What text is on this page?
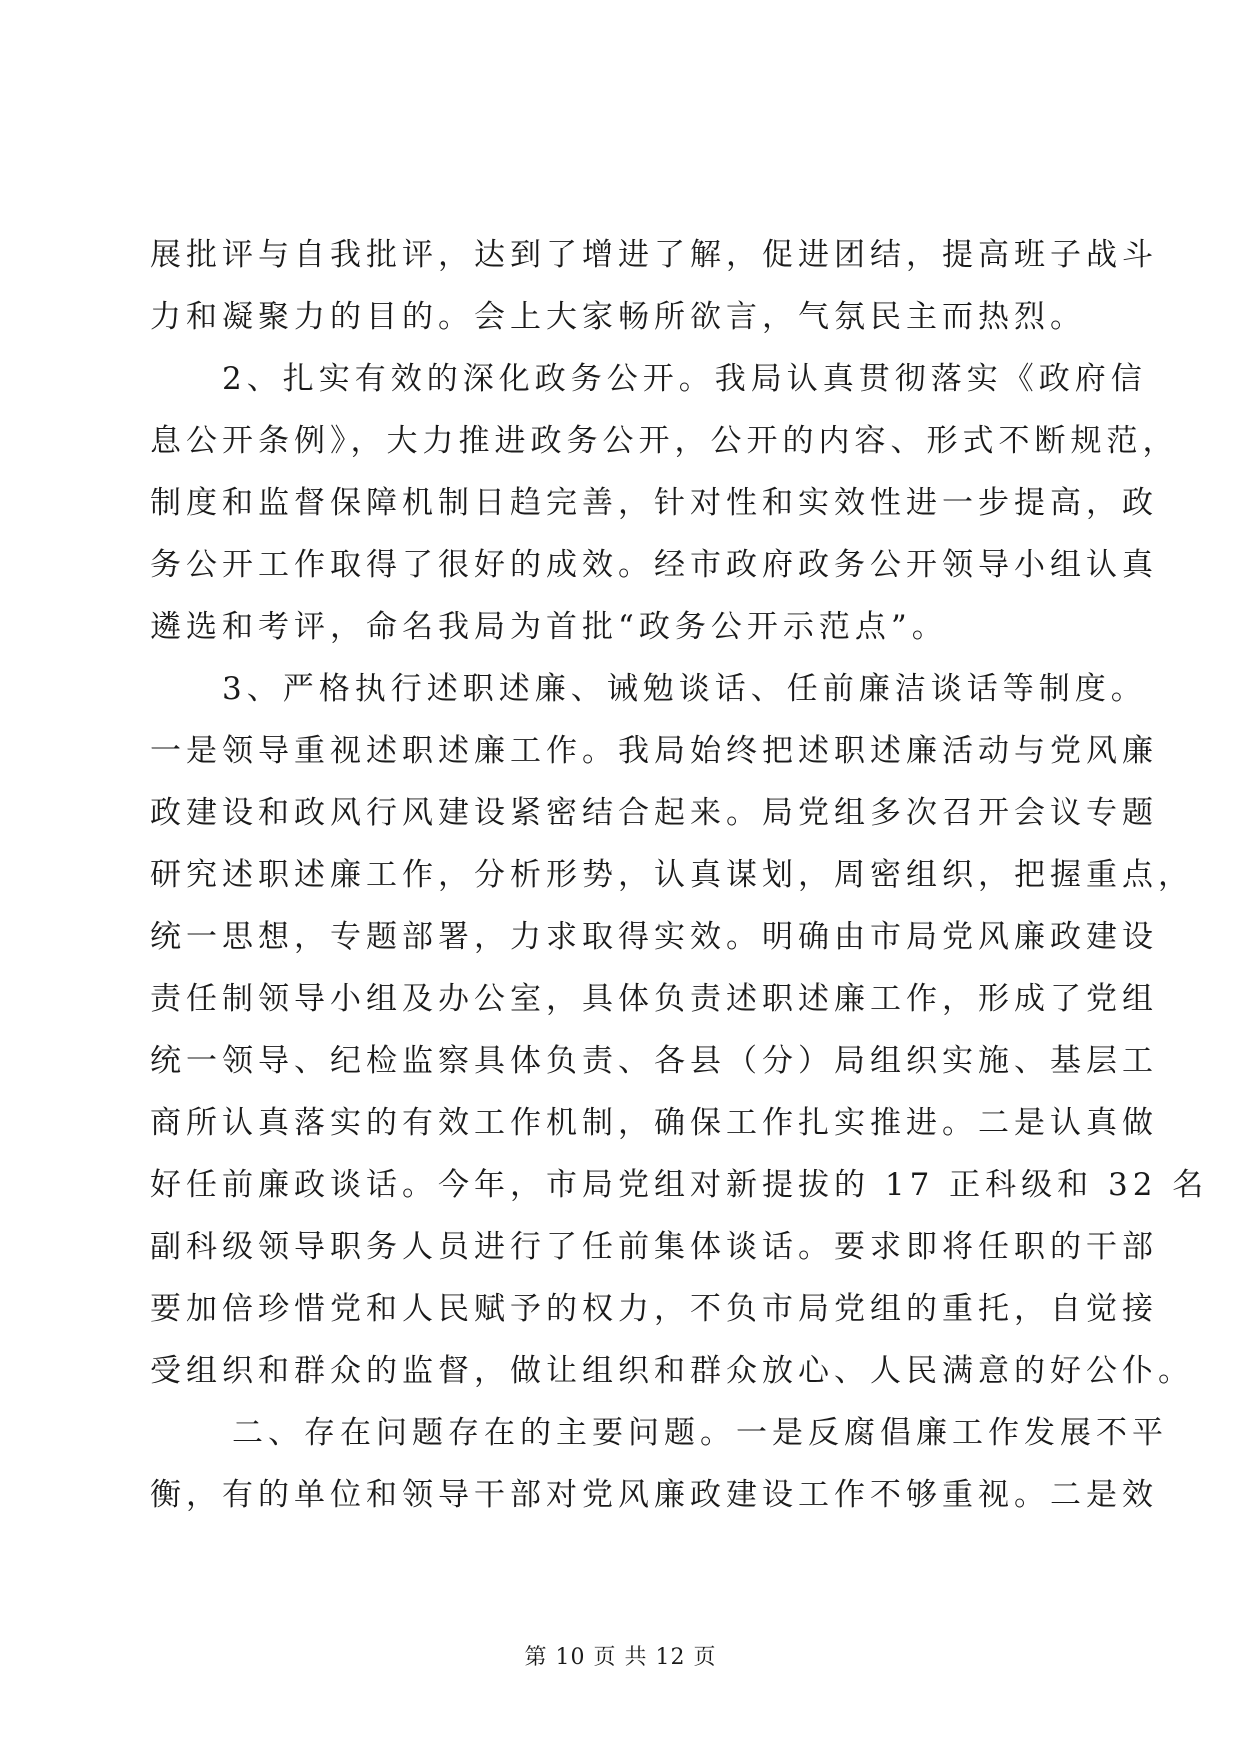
展批评与自我批评，达到了增进了解，促进团结，提高班子战斗
力和凝聚力的目的。会上大家畅所欲言，气氛民主而热烈。
2、扎实有效的深化政务公开。我局认真贯彻落实《政府信
息公开条例》，大力推进政务公开，公开的内容、形式不断规范，
制度和监督保障机制日趋完善，针对性和实效性进一步提高，政
务公开工作取得了很好的成效。经市政府政务公开领导小组认真
遴选和考评，命名我局为首批“政务公开示范点”。
3、严格执行述职述廉、诫勉谈话、任前廉洁谈话等制度。
一是领导重视述职述廉工作。我局始终把述职述廉活动与党风廉
政建设和政风行风建设紧密结合起来。局党组多次召开会议专题
研究述职述廉工作，分析形势，认真谋划，周密组织，把握重点，
统一思想，专题部署，力求取得实效。明确由市局党风廉政建设
责任制领导小组及办公室，具体负责述职述廉工作，形成了党组
统一领导、纪检监察具体负责、各县（分）局组织实施、基层工
商所认真落实的有效工作机制，确保工作扎实推进。二是认真做
好任前廉政谈话。今年，市局党组对新提拔的 17 正科级和 32 名
副科级领导职务人员进行了任前集体谈话。要求即将任职的干部
要加倍珍惜党和人民赋予的权力，不负市局党组的重托，自觉接
受组织和群众的监督，做让组织和群众放心、人民满意的好公仆。
二、存在问题存在的主要问题。一是反腐倡廉工作发展不平
衡，有的单位和领导干部对党风廉政建设工作不够重视。二是效
第 10 页 共 12 页
